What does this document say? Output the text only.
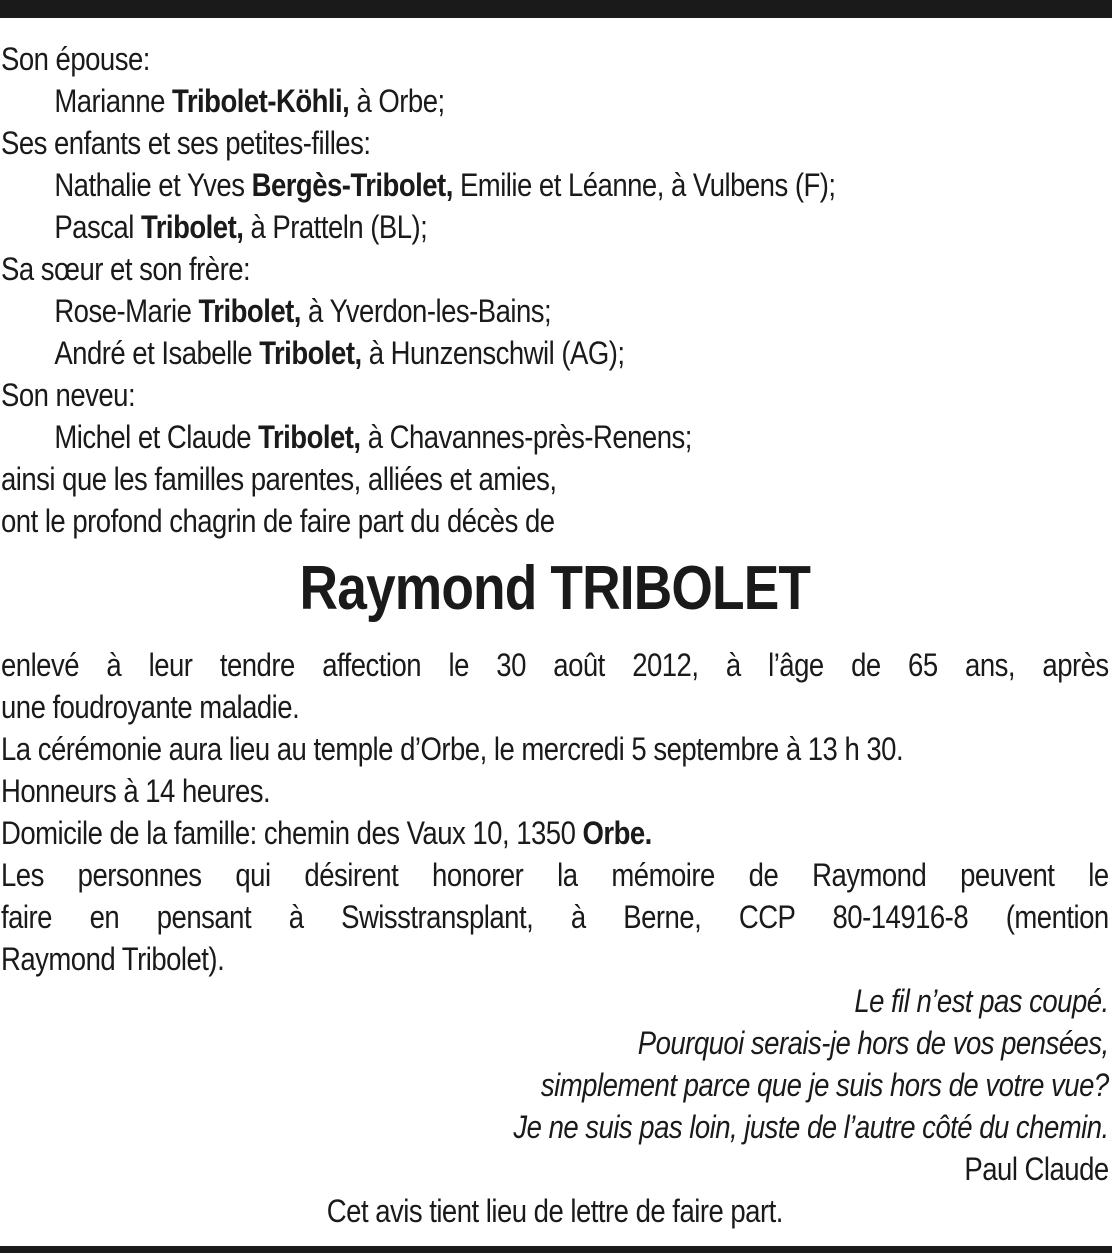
Son épouse:
Marianne Tribolet-Köhli, à Orbe;
Ses enfants et ses petites-filles:
Nathalie et Yves Bergès-Tribolet, Emilie et Léanne, à Vulbens (F);
Pascal Tribolet, à Pratteln (BL);
Sa sœur et son frère:
Rose-Marie Tribolet, à Yverdon-les-Bains;
André et Isabelle Tribolet, à Hunzenschwil (AG);
Son neveu:
Michel et Claude Tribolet, à Chavannes-près-Renens;
ainsi que les familles parentes, alliées et amies,
ont le profond chagrin de faire part du décès de
Raymond TRIBOLET
enlevé à leur tendre affection le 30 août 2012, à l’âge de 65 ans, après
une foudroyante maladie.
La cérémonie aura lieu au temple d’Orbe, le mercredi 5 septembre à 13 h 30.
Honneurs à 14 heures.
Domicile de la famille: chemin des Vaux 10, 1350 Orbe.
Les personnes qui désirent honorer la mémoire de Raymond peuvent le
faire en pensant à Swisstransplant, à Berne, CCP 80-14916-8 (mention
Raymond Tribolet).
Le fil n’est pas coupé.
Pourquoi serais-je hors de vos pensées,
simplement parce que je suis hors de votre vue?
Je ne suis pas loin, juste de l’autre côté du chemin.
Paul Claude
Cet avis tient lieu de lettre de faire part.
